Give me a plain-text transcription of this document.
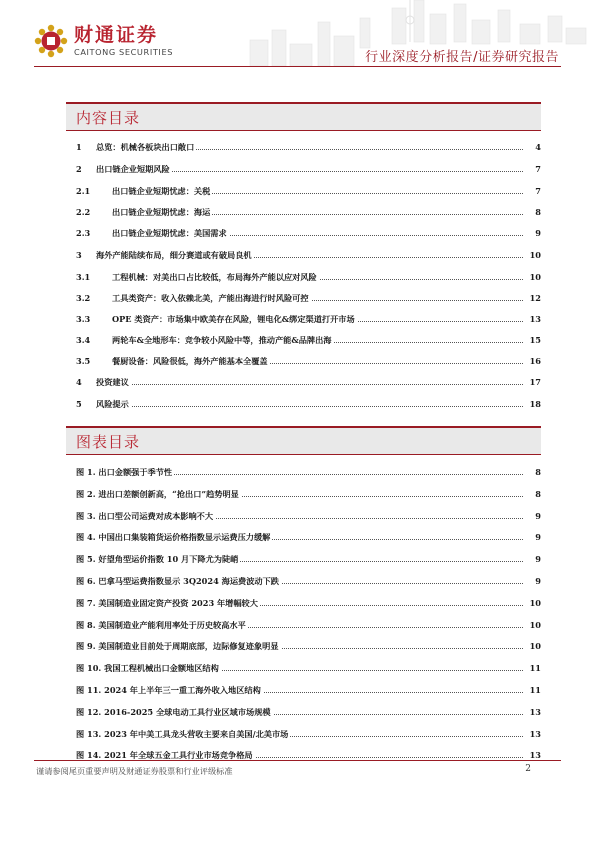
财通证券
CAITONG SECURITIES	行业深度分析报告/证券研究报告
内容目录
1 总览：机械各板块出口敞口	4
2 出口链企业短期风险	7
2.1	出口链企业短期忧虑：关税	7
2.2	出口链企业短期忧虑：海运	8
2.3	出口链企业短期忧虑：美国需求	9
3 海外产能陆续布局，细分赛道或有破局良机	10
3.1	工程机械：对美出口占比较低，布局海外产能以应对风险	10
3.2	工具类资产：收入依赖北美，产能出海进行时风险可控	12
3.3	OPE 类资产：市场集中欧美存在风险，锂电化&绑定渠道打开市场	13
3.4	两轮车&全地形车：竞争较小风险中等，推动产能&品牌出海	15
3.5	餐厨设备：风险很低，海外产能基本全覆盖	16
4 投资建议	17
5 风险提示	18
图表目录
图 1. 出口金额强于季节性	8
图 2. 进出口差额创新高，“抢出口”趋势明显	8
图 3. 出口型公司运费对成本影响不大	9
图 4. 中国出口集装箱货运价格指数显示运费压力缓解	9
图 5. 好望角型运价指数 10 月下降尤为陡峭	9
图 6. 巴拿马型运费指数显示 3Q2024 海运费波动下跌	9
图 7. 美国制造业固定资产投资 2023 年增幅较大	10
图 8. 美国制造业产能利用率处于历史较高水平	10
图 9. 美国制造业目前处于周期底部，边际修复迹象明显	10
图 10. 我国工程机械出口金额地区结构	11
图 11. 2024 年上半年三一重工海外收入地区结构	11
图 12. 2016-2025 全球电动工具行业区域市场规模	13
图 13. 2023 年中美工具龙头营收主要来自美国/北美市场	13
图 14. 2021 年全球五金工具行业市场竞争格局	13
谨请参阅尾页重要声明及财通证券股票和行业评级标准	2
